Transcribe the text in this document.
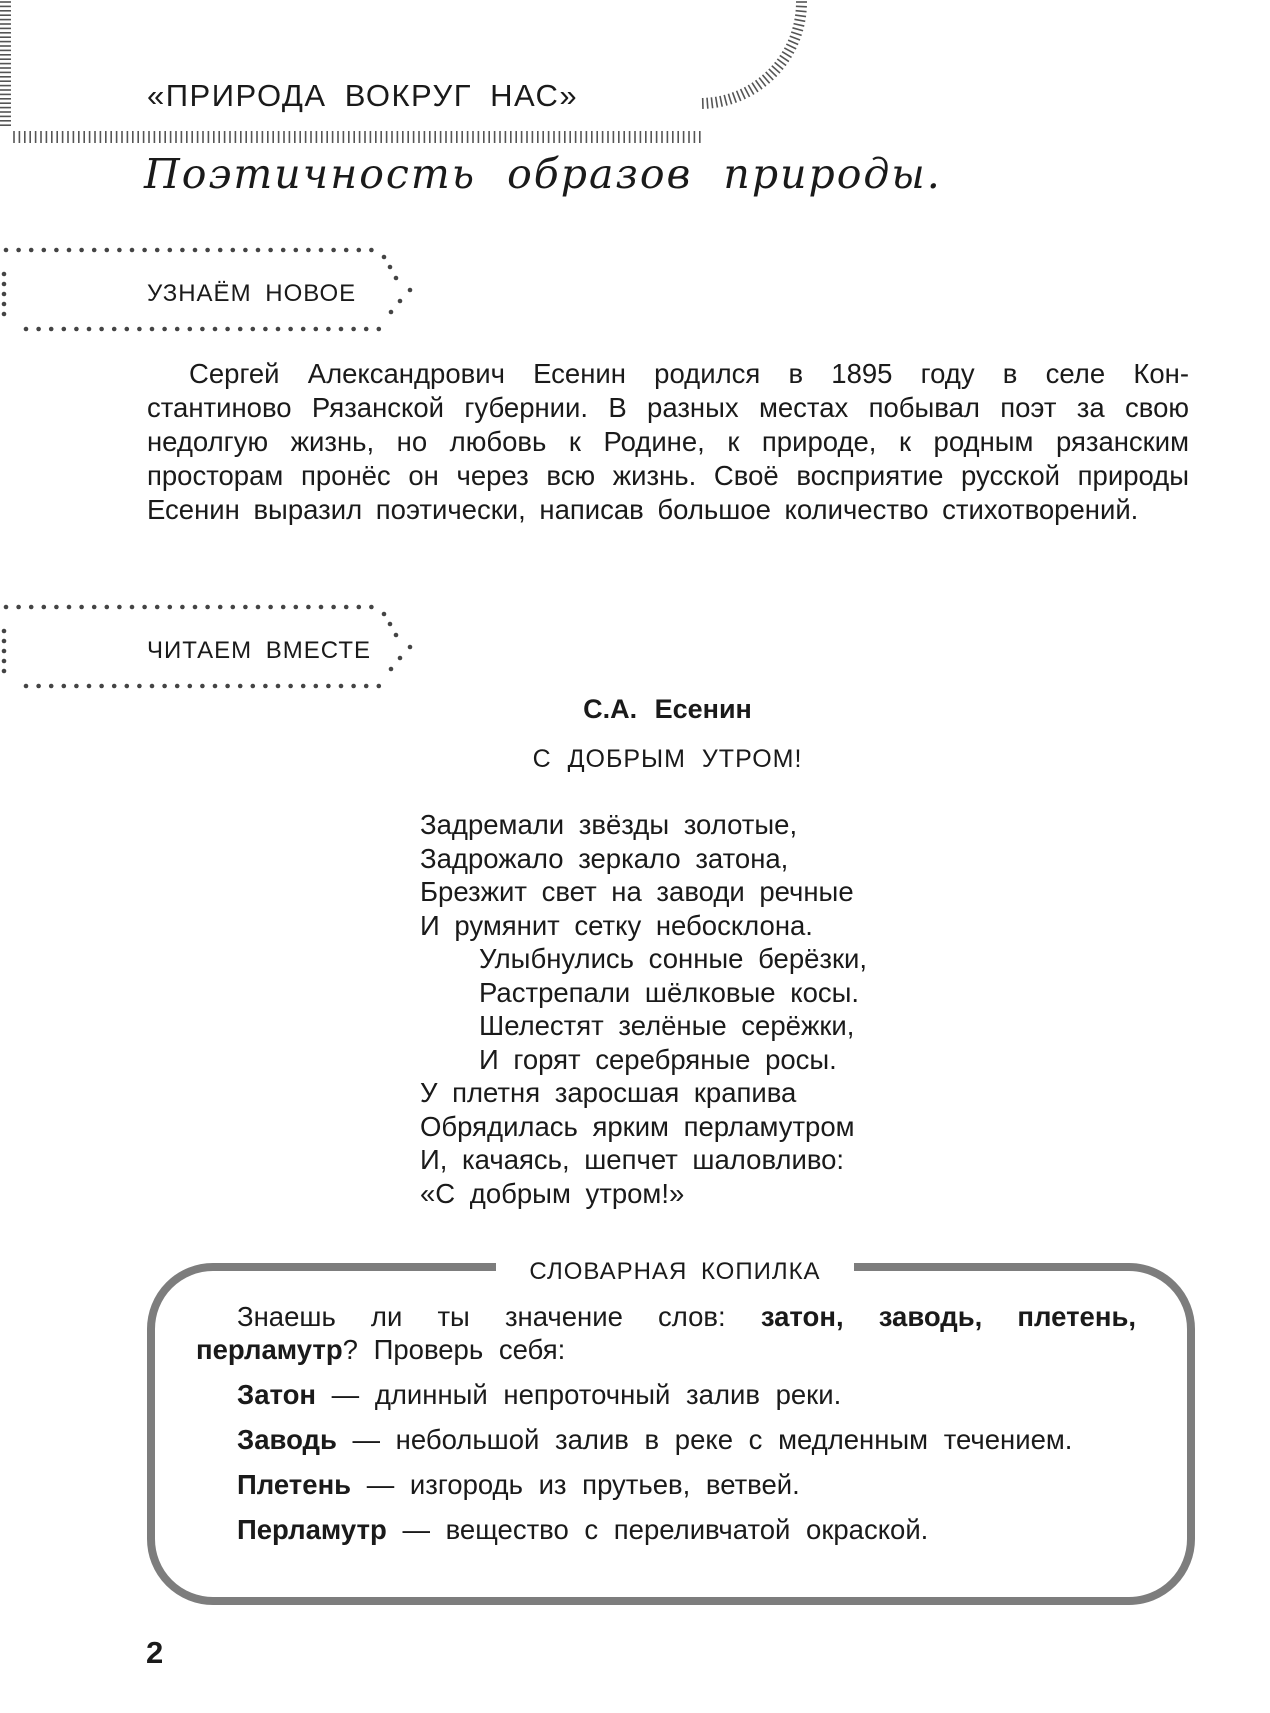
«ПРИРОДА ВОКРУГ НАС»
Поэтичность образов природы.
УЗНАЁМ НОВОЕ

Сергей Александрович Есенин родился в 1895 году в селе Константиново Рязанской губернии. В разных местах побывал поэт за свою недолгую жизнь, но любовь к Родине, к природе, к родным рязанским просторам пронёс он через всю жизнь. Своё восприятие русской природы Есенин выразил поэтически, написав большое количество стихотворений.

ЧИТАЕМ ВМЕСТЕ
С.А. Есенин
С ДОБРЫМ УТРОМ!
Задремали звёзды золотые,
Задрожало зеркало затона,
Брезжит свет на заводи речные
И румянит сетку небосклона.
Улыбнулись сонные берёзки,
Растрепали шёлковые косы.
Шелестят зелёные серёжки,
И горят серебряные росы.
У плетня заросшая крапива
Обрядилась ярким перламутром
И, качаясь, шепчет шаловливо:
«С добрым утром!»
СЛОВАРНАЯ КОПИЛКА

Знаешь ли ты значение слов: затон, заводь, плетень, перламутр? Проверь себя:

Затон — длинный непроточный залив реки.
Заводь — небольшой залив в реке с медленным течением.
Плетень — изгородь из прутьев, ветвей.
Перламутр — вещество с переливчатой окраской.
2
